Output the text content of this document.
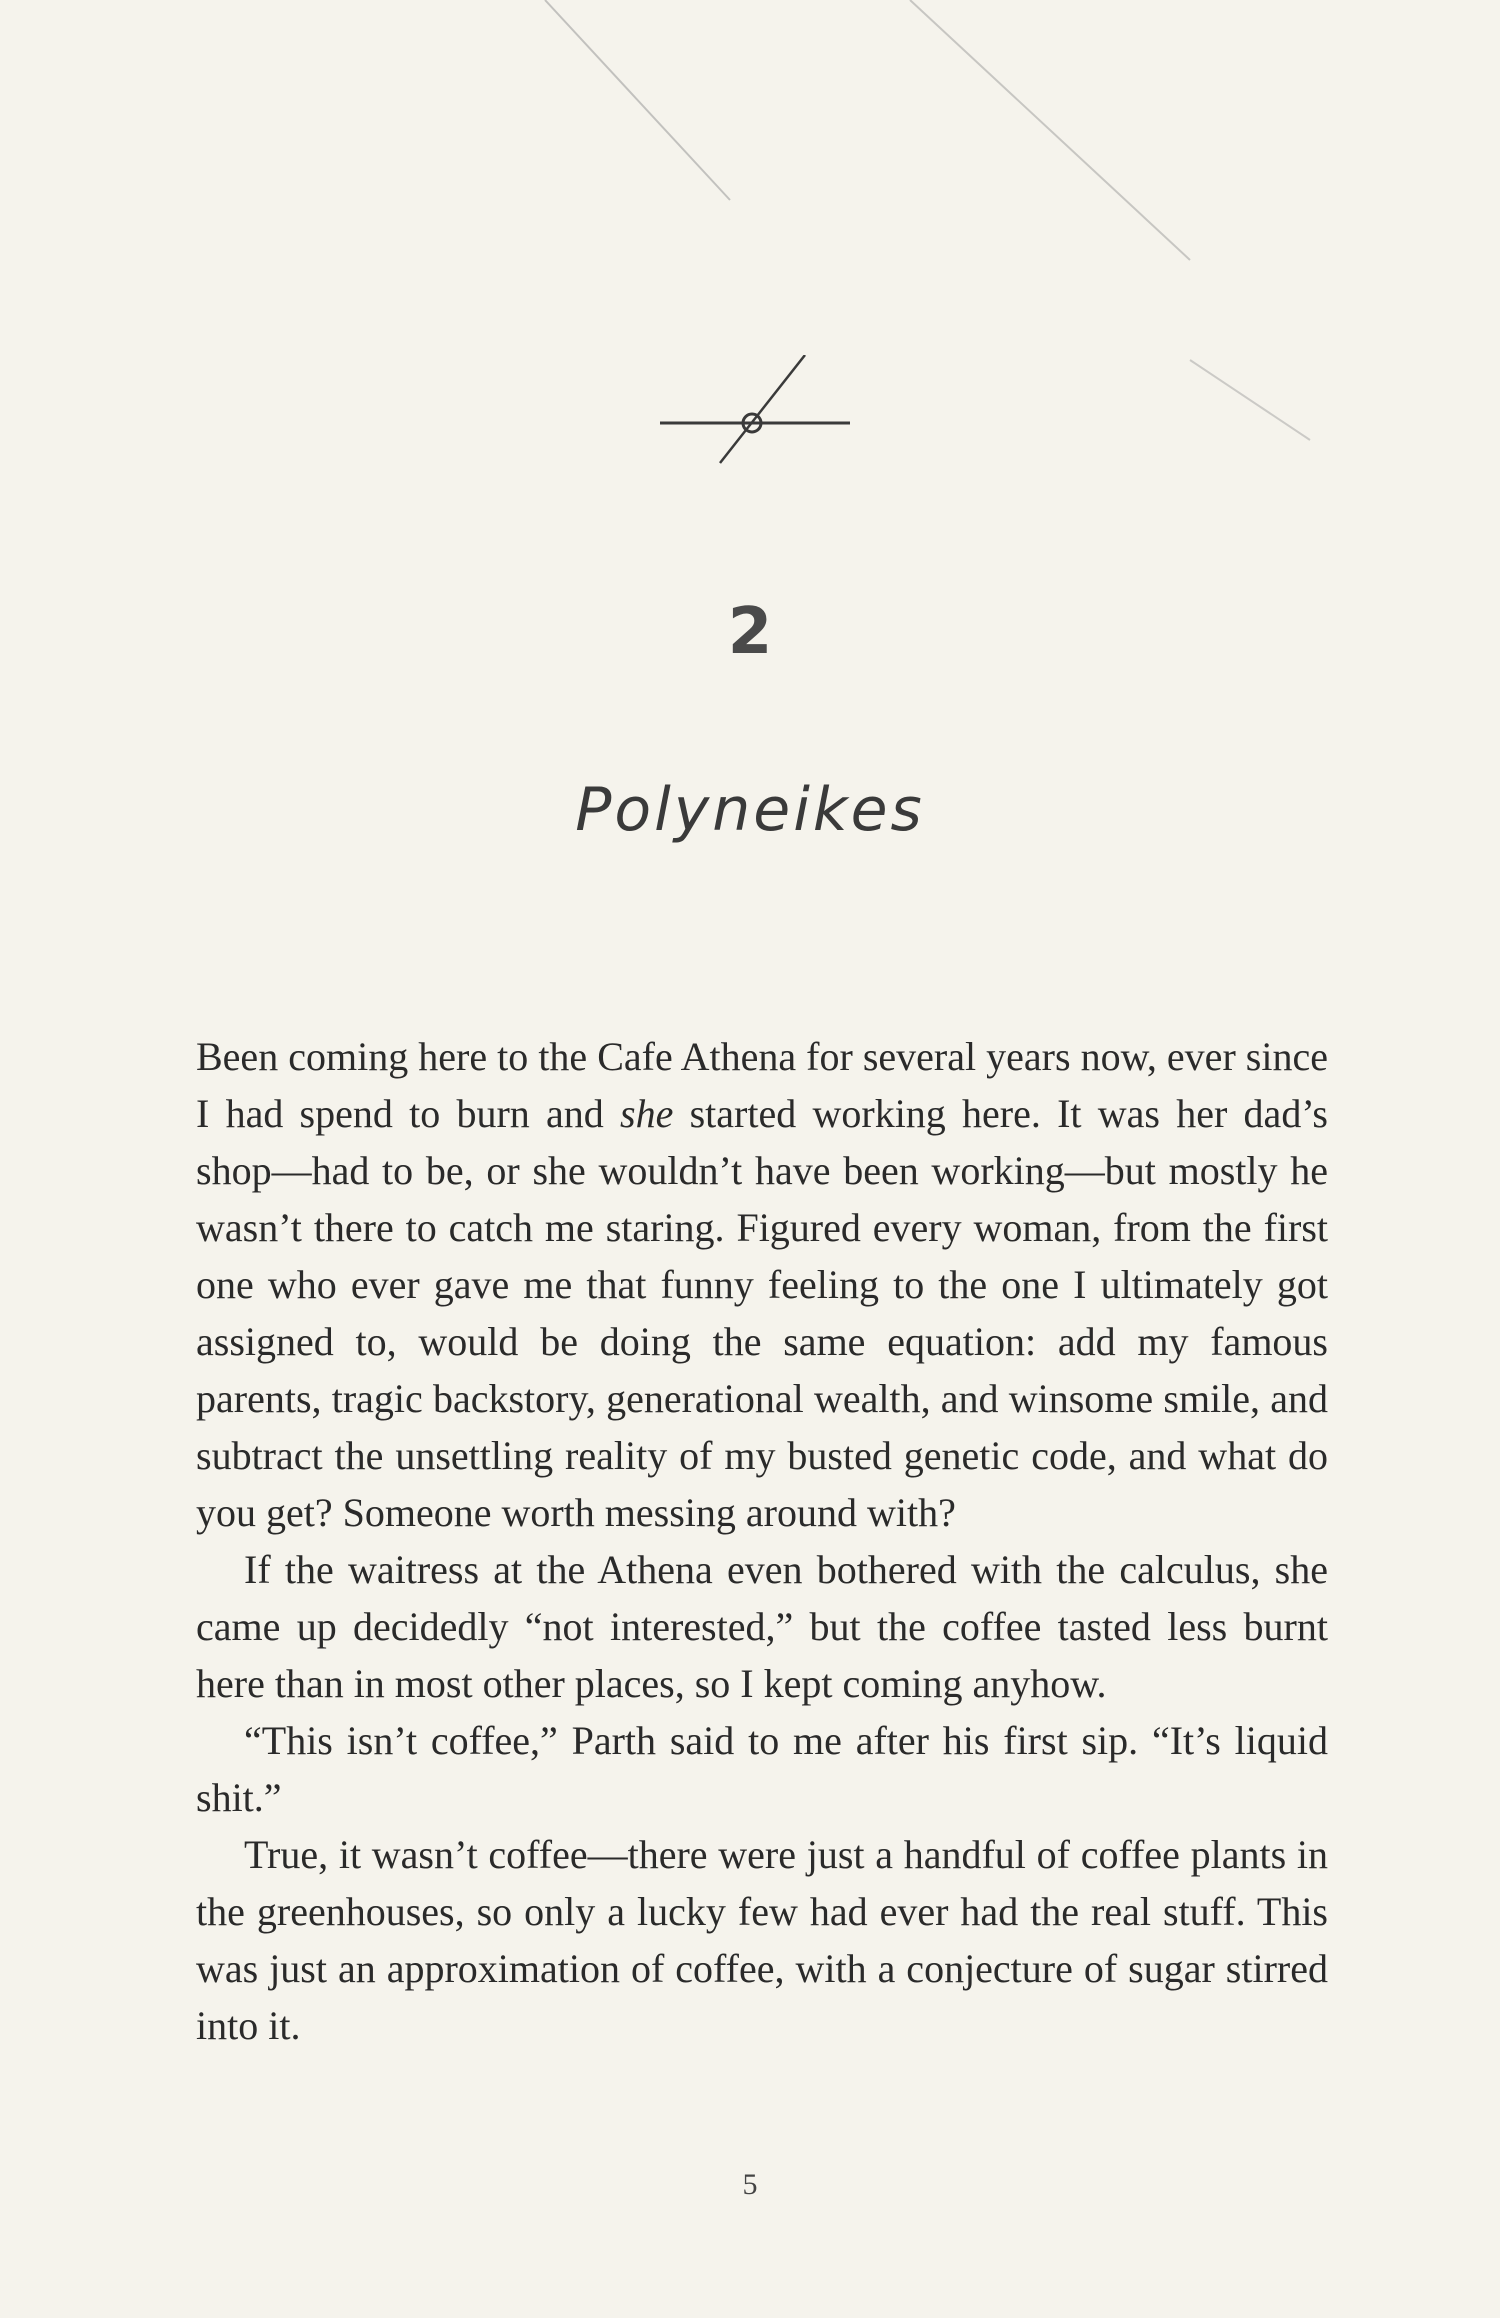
2
Polyneikes

Been coming here to the Cafe Athena for several years now, ever since I had spend to burn and she started working here. It was her dad’s shop—had to be, or she wouldn’t have been working—but mostly he wasn’t there to catch me staring. Figured every woman, from the first one who ever gave me that funny feeling to the one I ultimately got assigned to, would be doing the same equation: add my famous parents, tragic backstory, generational wealth, and winsome smile, and subtract the unsettling reality of my busted genetic code, and what do you get? Someone worth messing around with?

If the waitress at the Athena even bothered with the calculus, she came up decidedly “not interested,” but the coffee tasted less burnt here than in most other places, so I kept coming anyhow.

“This isn’t coffee,” Parth said to me after his first sip. “It’s liquid shit.”

True, it wasn’t coffee—there were just a handful of coffee plants in the greenhouses, so only a lucky few had ever had the real stuff. This was just an approximation of coffee, with a conjecture of sugar stirred into it.

5
